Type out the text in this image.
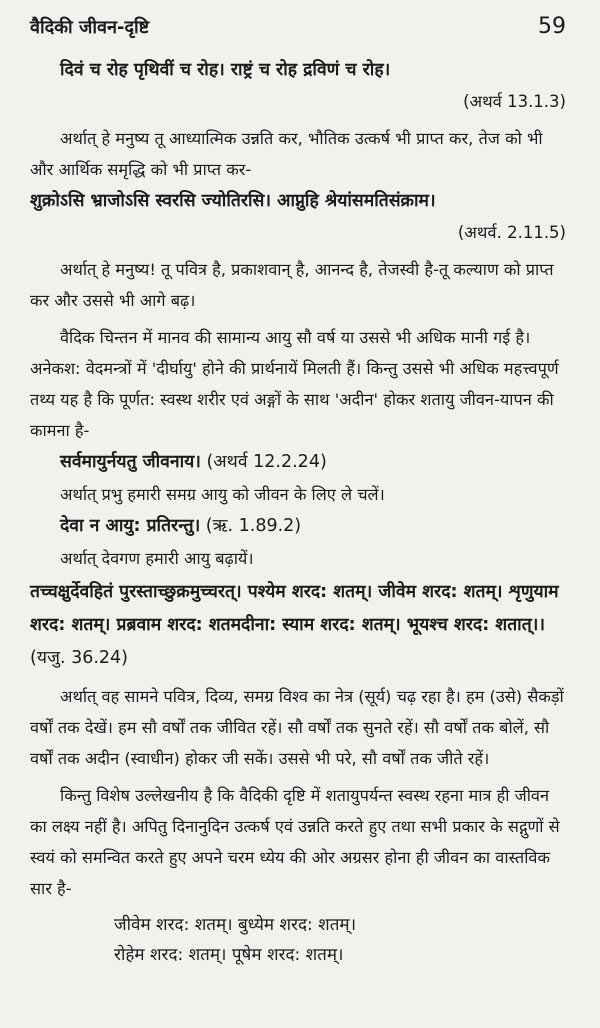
वैदिकी जीवन-दृष्टि	59

दिवं च रोह पृथिवीं च रोह। राष्ट्रं च रोह द्रविणं च रोह।

(अथर्व 13.1.3)

अर्थात् हे मनुष्य तू आध्यात्मिक उन्नति कर, भौतिक उत्कर्ष भी प्राप्त कर, तेज को भी और आर्थिक समृद्धि को भी प्राप्त कर-

शुक्रोऽसि भ्राजोऽसि स्वरसि ज्योतिरसि। आप्नुहि श्रेयांसमतिसंक्राम।

(अथर्व. 2.11.5)

अर्थात् हे मनुष्य! तू पवित्र है, प्रकाशवान् है, आनन्द है, तेजस्वी है-तू कल्याण को प्राप्त कर और उससे भी आगे बढ़।

वैदिक चिन्तन में मानव की सामान्य आयु सौ वर्ष या उससे भी अधिक मानी गई है। अनेकश: वेदमन्त्रों में 'दीर्घायु' होने की प्रार्थनायें मिलती हैं। किन्तु उससे भी अधिक महत्त्वपूर्ण तथ्य यह है कि पूर्णत: स्वस्थ शरीर एवं अङ्गों के साथ 'अदीन' होकर शतायु जीवन-यापन की कामना है-

सर्वमायुर्नयतु जीवनाय। (अथर्व 12.2.24)

अर्थात् प्रभु हमारी समग्र आयु को जीवन के लिए ले चलें।

देवा न आयु: प्रतिरन्तु। (ऋ. 1.89.2)

अर्थात् देवगण हमारी आयु बढ़ायें।

तच्चक्षुर्देवहितं पुरस्ताच्छुक्रमुच्चरत्। पश्येम शरद: शतम्। जीवेम शरद: शतम्। शृणुयाम शरद: शतम्। प्रब्रवाम शरद: शतमदीना: स्याम शरद: शतम्। भूयश्च शरद: शतात्।। (यजु. 36.24)

अर्थात् वह सामने पवित्र, दिव्य, समग्र विश्व का नेत्र (सूर्य) चढ़ रहा है। हम (उसे) सैकड़ों वर्षों तक देखें। हम सौ वर्षों तक जीवित रहें। सौ वर्षों तक सुनते रहें। सौ वर्षों तक बोलें, सौ वर्षों तक अदीन (स्वाधीन) होकर जी सकें। उससे भी परे, सौ वर्षों तक जीते रहें।

किन्तु विशेष उल्लेखनीय है कि वैदिकी दृष्टि में शतायुपर्यन्त स्वस्थ रहना मात्र ही जीवन का लक्ष्य नहीं है। अपितु दिनानुदिन उत्कर्ष एवं उन्नति करते हुए तथा सभी प्रकार के सद्गुणों से स्वयं को समन्वित करते हुए अपने चरम ध्येय की ओर अग्रसर होना ही जीवन का वास्तविक सार है-

जीवेम शरद: शतम्। बुध्येम शरद: शतम्।
रोहेम शरद: शतम्। पूषेम शरद: शतम्।
